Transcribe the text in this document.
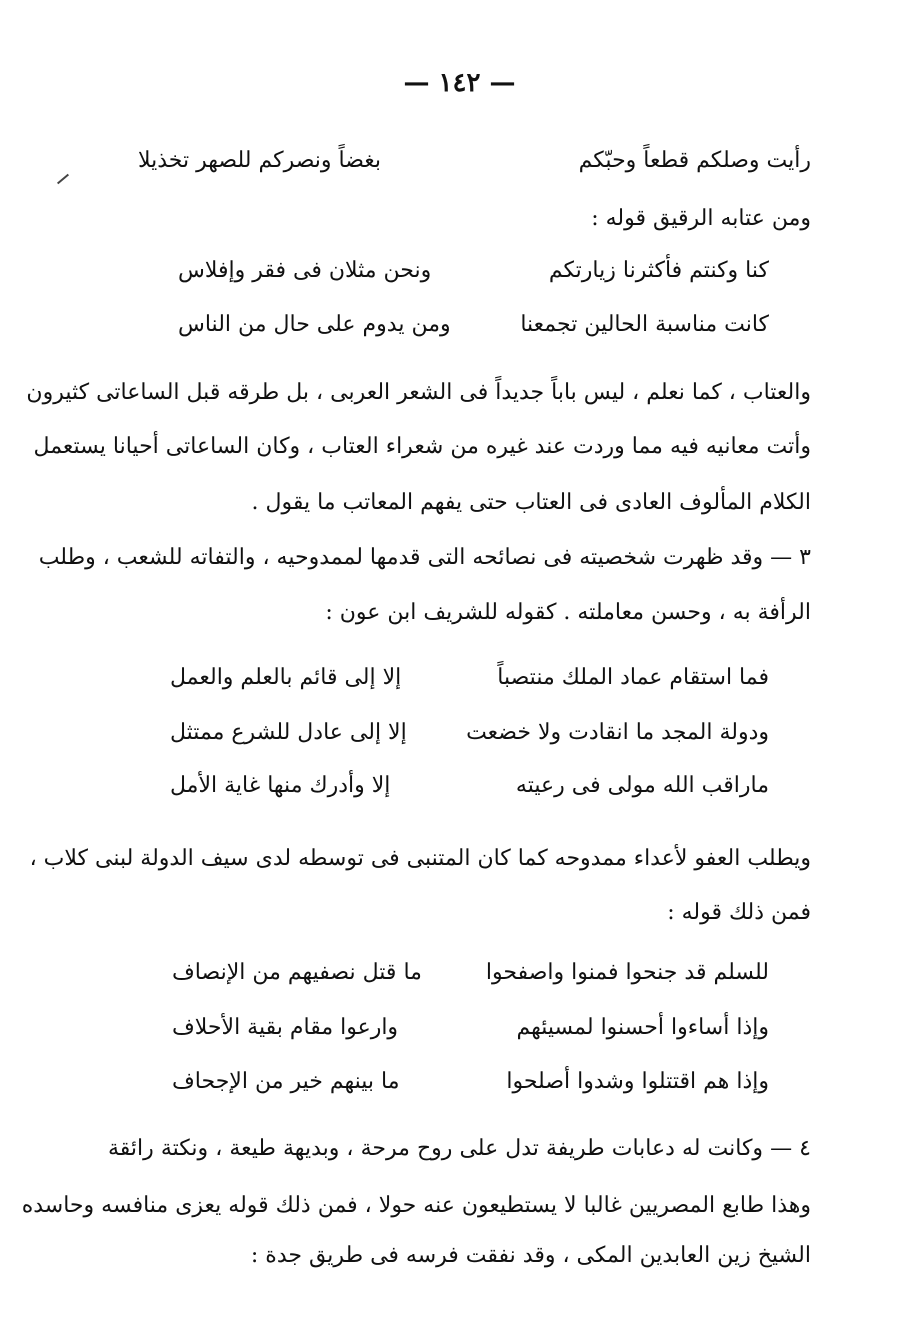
— ١٤٢ —
رأيت وصلكم قطعاً وحبّكم
بغضاً ونصركم للصهر تخذيلا
ومن عتابه الرقيق قوله :
كنا وكنتم فأكثرنا زيارتكم
ونحن مثلان فى فقر وإفلاس
كانت مناسبة الحالين تجمعنا
ومن يدوم على حال من الناس
والعتاب ، كما نعلم ، ليس باباً جديداً فى الشعر العربى ، بل طرقه قبل الساعاتى كثيرون
وأتت معانيه فيه مما وردت عند غيره من شعراء العتاب ، وكان الساعاتى أحيانا يستعمل
الكلام المألوف العادى فى العتاب حتى يفهم المعاتب ما يقول .
٣ — وقد ظهرت شخصيته فى نصائحه التى قدمها لممدوحيه ، والتفاته للشعب ، وطلب
الرأفة به ، وحسن معاملته . كقوله للشريف ابن عون :
فما استقام عماد الملك منتصباً
إلا إلى قائم بالعلم والعمل
ودولة المجد ما انقادت ولا خضعت
إلا إلى عادل للشرع ممتثل
ماراقب الله مولى فى رعيته
إلا وأدرك منها غاية الأمل
ويطلب العفو لأعداء ممدوحه كما كان المتنبى فى توسطه لدى سيف الدولة لبنى كلاب ،
فمن ذلك قوله :
للسلم قد جنحوا فمنوا واصفحوا
ما قتل نصفيهم من الإنصاف
وإذا أساءوا أحسنوا لمسيئهم
وارعوا مقام بقية الأحلاف
وإذا هم اقتتلوا وشدوا أصلحوا
ما بينهم خير من الإجحاف
٤ — وكانت له دعابات طريفة تدل على روح مرحة ، وبديهة طيعة ، ونكتة رائقة
وهذا طابع المصريين غالبا لا يستطيعون عنه حولا ، فمن ذلك قوله يعزى منافسه وحاسده
الشيخ زين العابدين المكى ، وقد نفقت فرسه فى طريق جدة :
